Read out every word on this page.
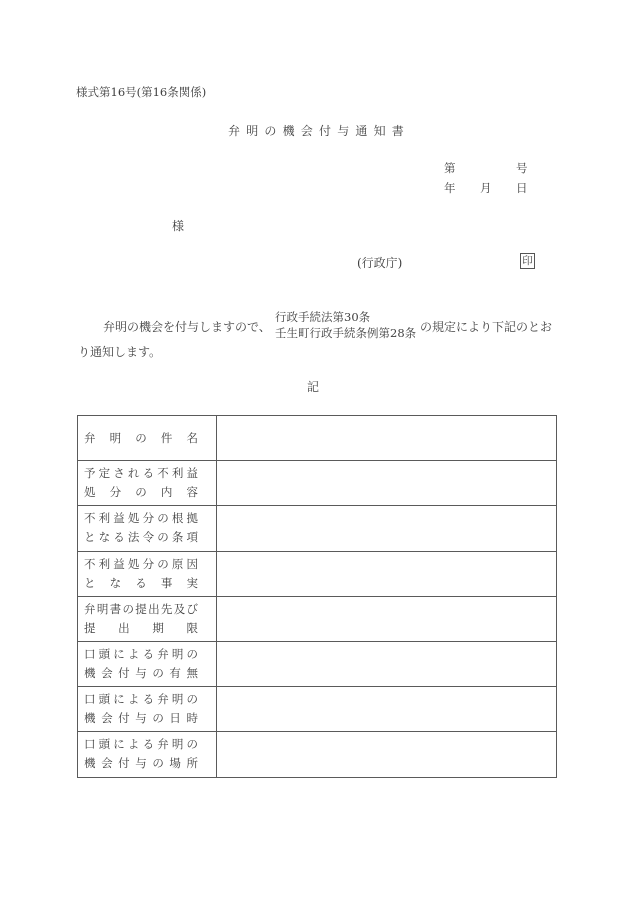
様式第16号(第16条関係)
弁明の機会付与通知書
第	号
年 月 日
様
(行政庁)	印
弁明の機会を付与しますので、
行政手続法第30条
壬生町行政手続条例第28条 の規定により下記のとお
り通知します。
記
弁 明 の 件 名	

予 定 さ れ る 不 利 益
処 分 の 内 容

不 利 益 処 分 の 根 拠
と な る 法 令 の 条 項

不 利 益 処 分 の 原 因
と な る 事 実

弁 明 書 の 提 出 先 及 び
提 出 期 限

口 頭 に よ る 弁 明 の
機 会 付 与 の 有 無

口 頭 に よ る 弁 明 の
機 会 付 与 の 日 時

口 頭 に よ る 弁 明 の
機 会 付 与 の 場 所
